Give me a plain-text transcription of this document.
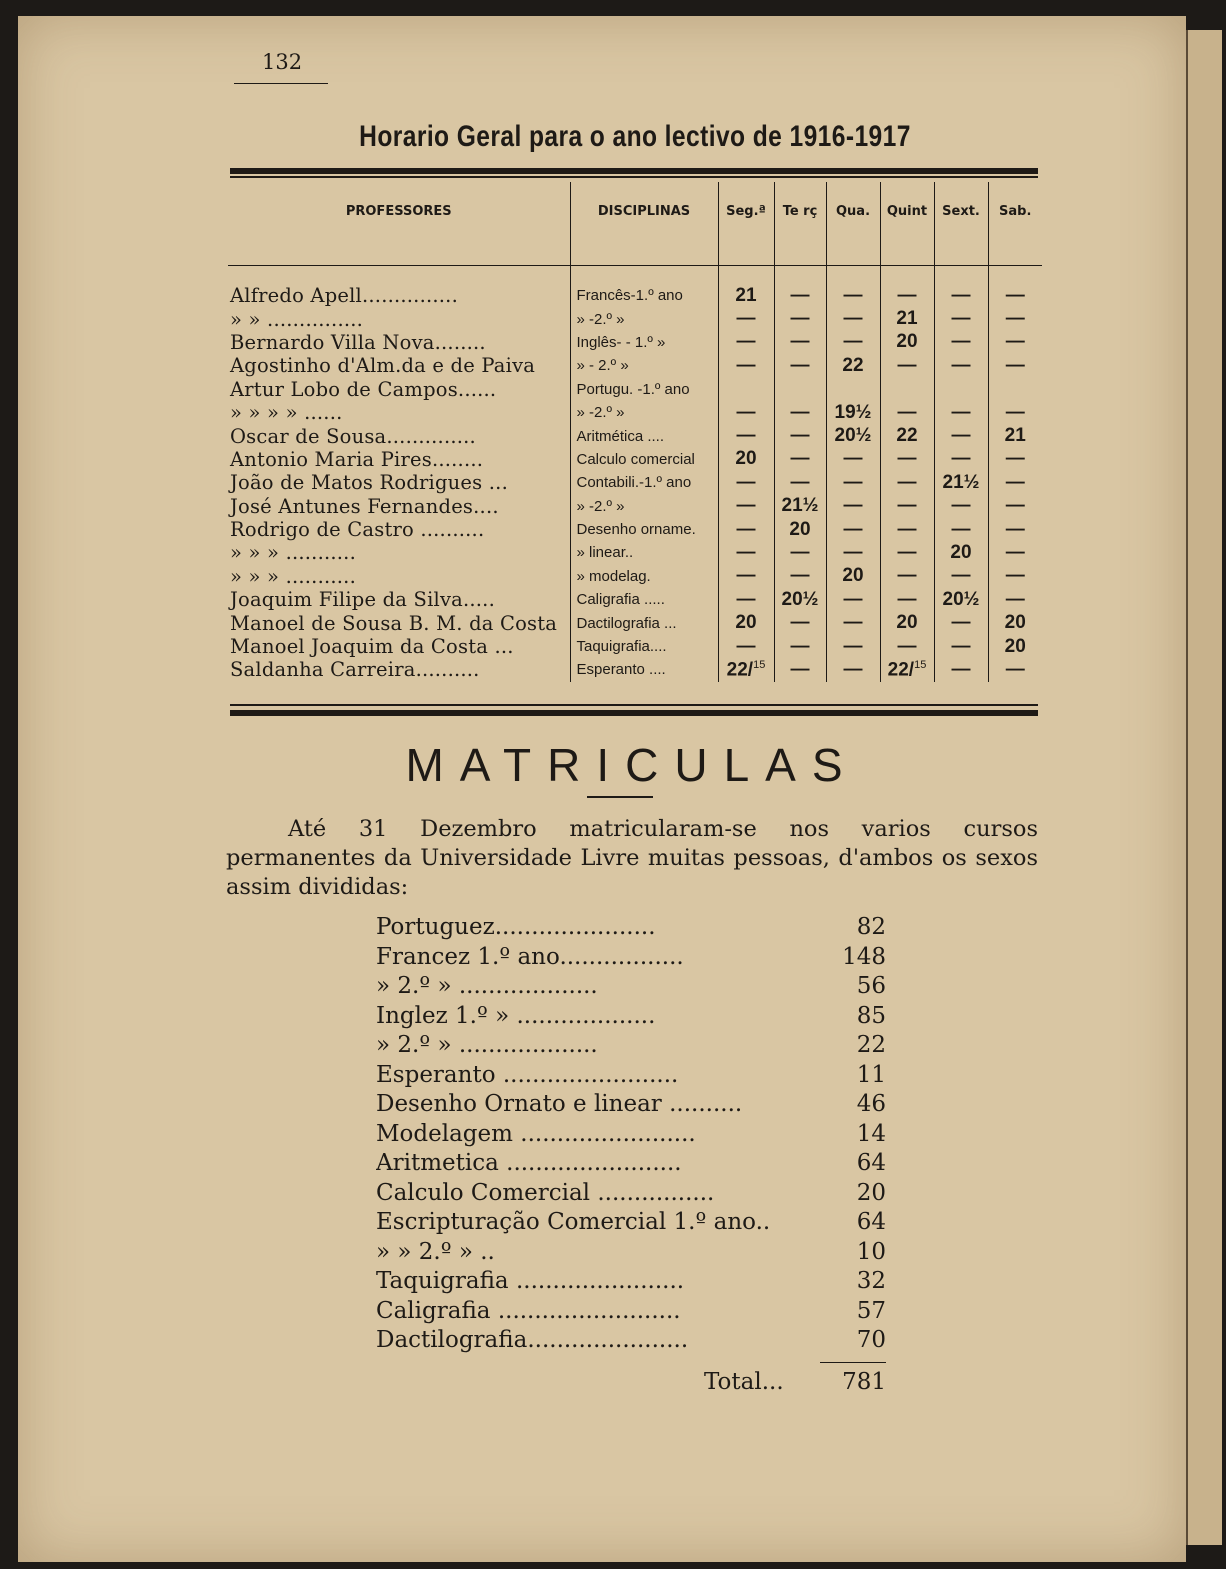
132
Horario Geral para o ano lectivo de 1916-1917
PROFESSORES	DISCIPLINAS	Seg.ª	Te rç	Qua.	Quint	Sext.	Sab.

Alfredo Apell...............	Francês-1.º ano	21	—	—	—	—	—
» » ...............	» -2.º »	—	—	—	21	—	—
Bernardo Villa Nova........	Inglês- - 1.º »	—	—	—	20	—	—
Agostinho d'Alm.da e de Paiva	» - 2.º »	—	—	22	—	—	—
Artur Lobo de Campos......	Portugu. -1.º ano						
» » » » ......	» -2.º »	—	—	19½	—	—	—
Oscar de Sousa..............	Aritmética ....	—	—	20½	22	—	21
Antonio Maria Pires........	Calculo comercial	20	—	—	—	—	—
João de Matos Rodrigues ...	Contabili.-1.º ano	—	—	—	—	21½	—
José Antunes Fernandes....	» -2.º »	—	21½	—	—	—	—
Rodrigo de Castro ..........	Desenho orname.	—	20	—	—	—	—
» » » ...........	» linear..	—	—	—	—	20	—
» » » ...........	» modelag.	—	—	20	—	—	—
Joaquim Filipe da Silva.....	Caligrafia .....	—	20½	—	—	20½	—
Manoel de Sousa B. M. da Costa	Dactilografia ...	20	—	—	20	—	20
Manoel Joaquim da Costa ...	Taquigrafia....	—	—	—	—	—	20
Saldanha Carreira..........	Esperanto ....	22/$^{15}$	—	—	22/$^{15}$	—	—
MATRICULAS
Até 31 Dezembro matricularam-se nos varios cursos permanentes da Universidade Livre muitas pessoas, d'ambos os sexos assim divididas:
Portuguez......................	82
Francez 1.º ano.................	148
» 2.º » ...................	56
Inglez 1.º » ...................	85
» 2.º » ...................	22
Esperanto ........................	11
Desenho Ornato e linear ..........	46
Modelagem ........................	14
Aritmetica ........................	64
Calculo Comercial ................	20
Escripturação Comercial 1.º ano..	64
» » 2.º » ..	10
Taquigrafia .......................	32
Caligrafia .........................	57
Dactilografia......................	70
Total...	781
